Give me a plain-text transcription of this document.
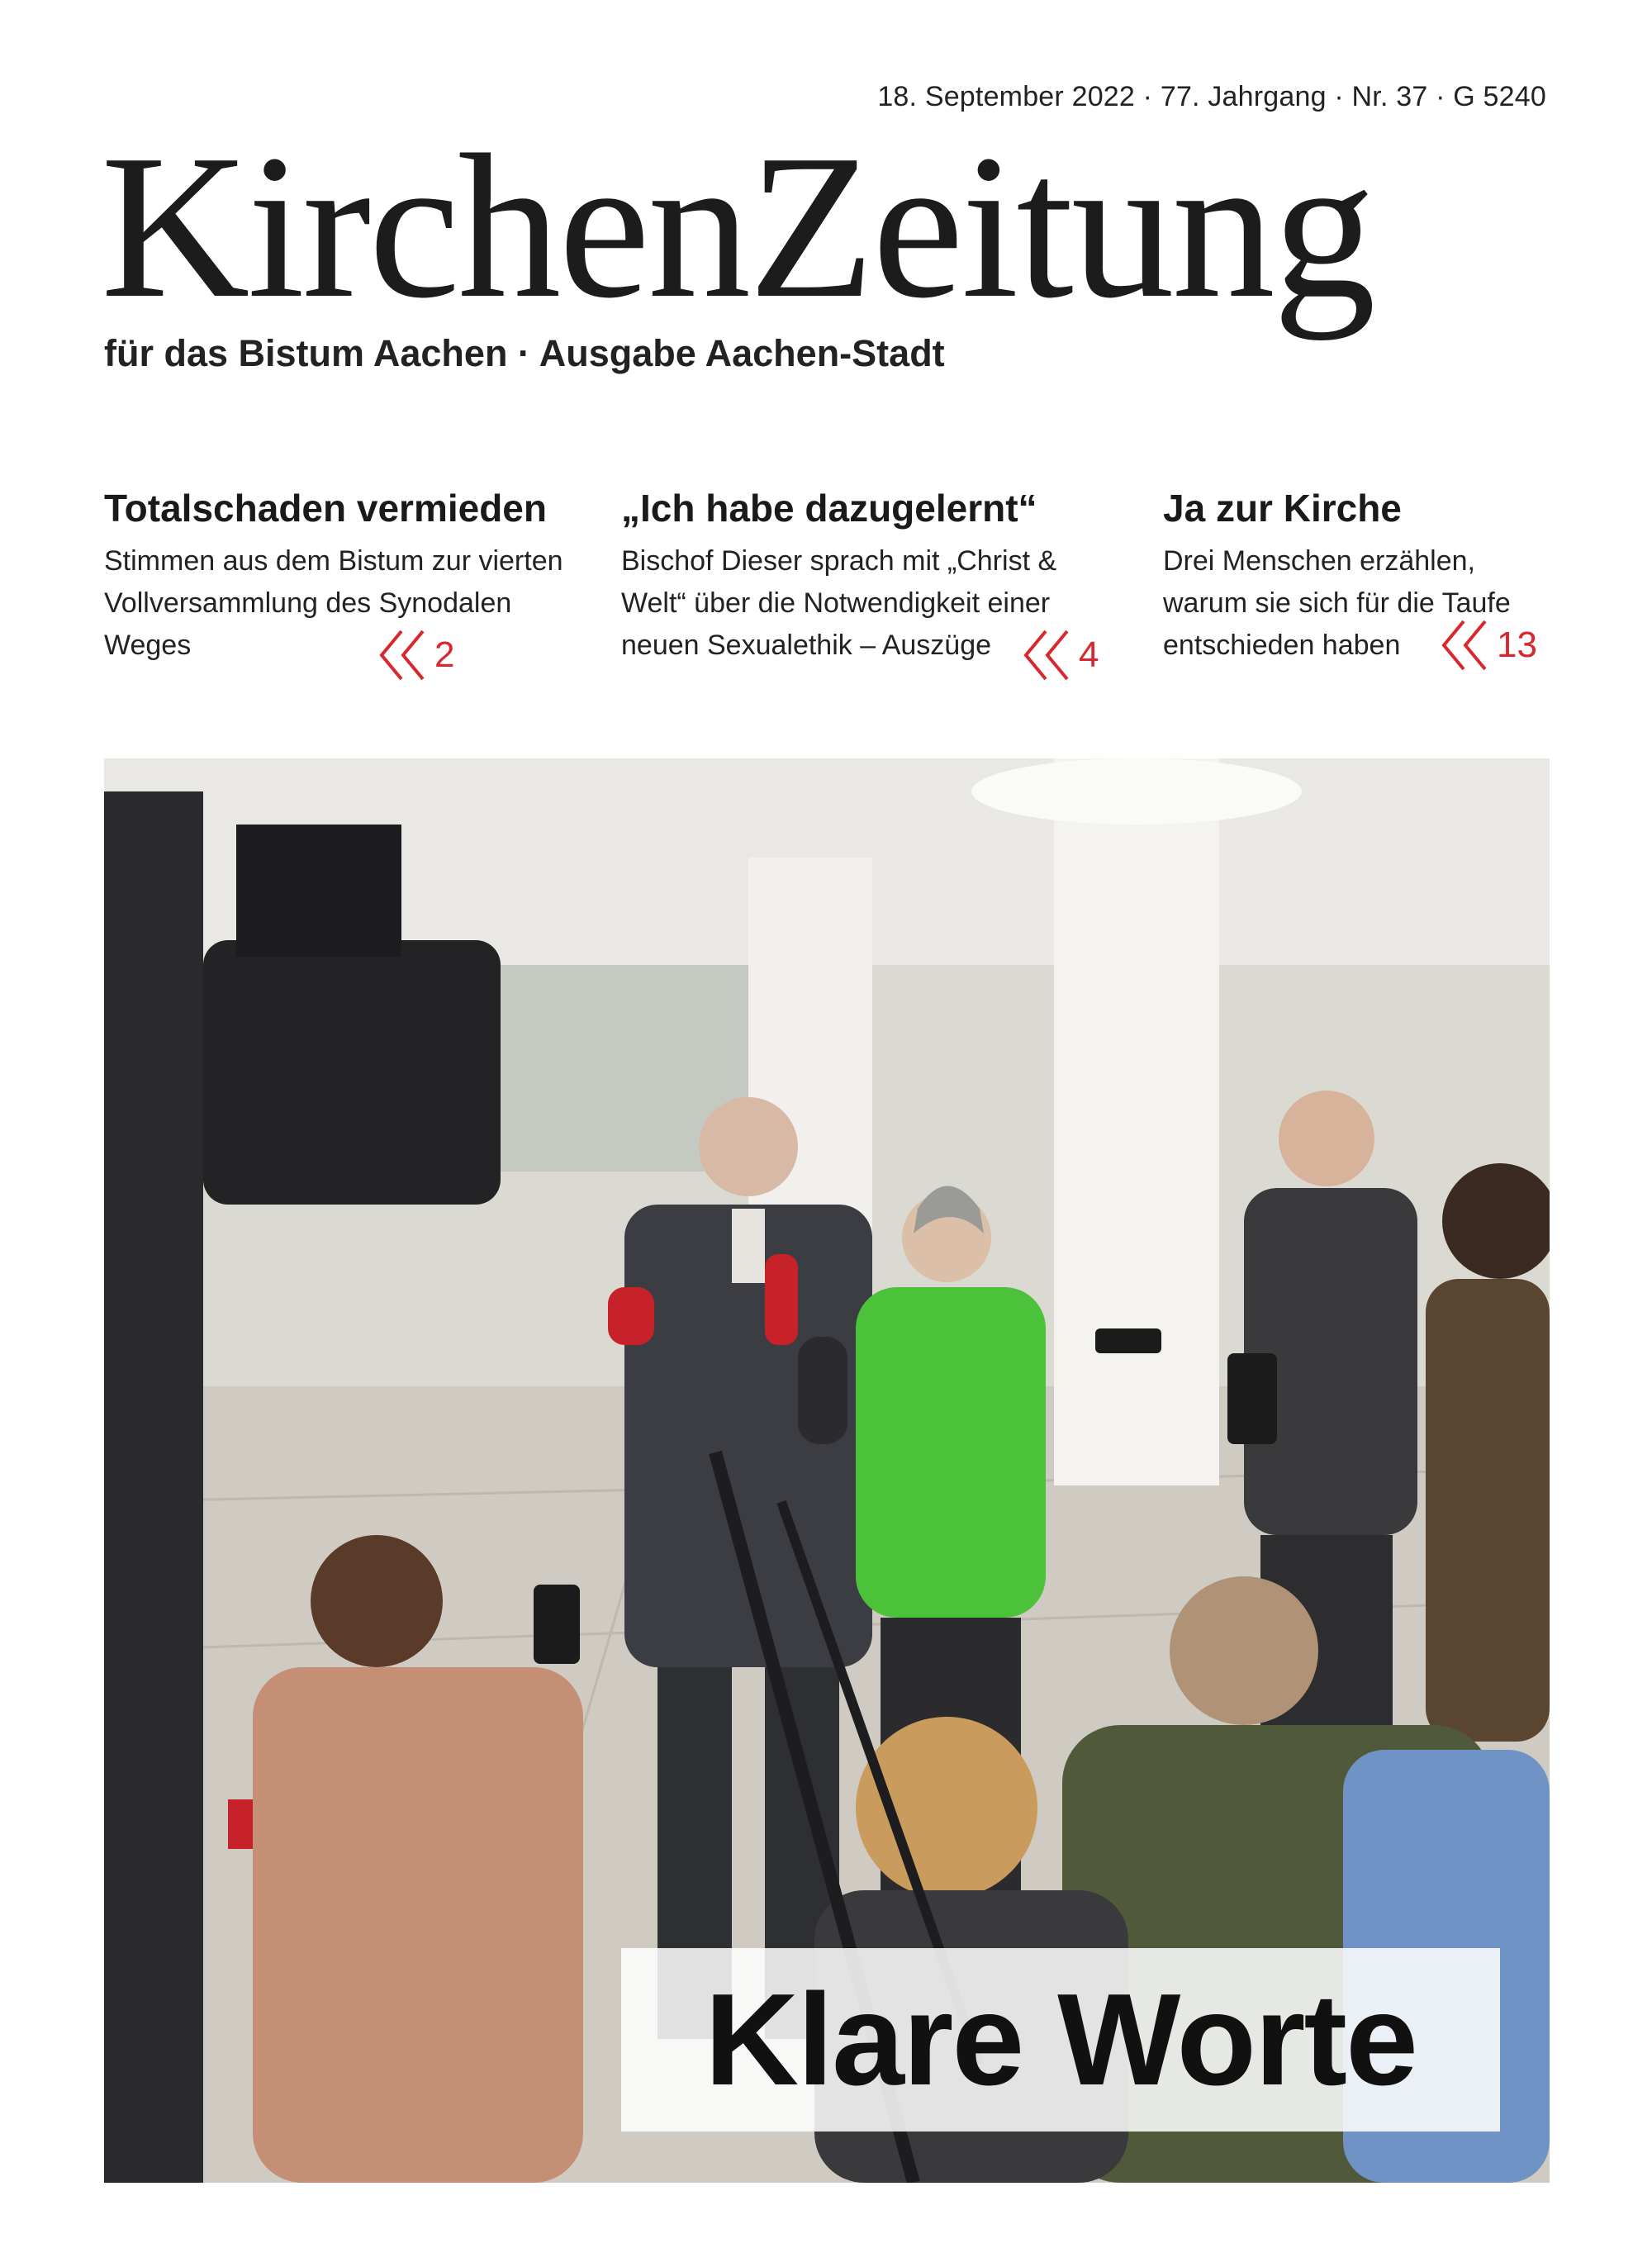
18. September 2022 · 77. Jahrgang · Nr. 37 · G 5240
KirchenZeitung
für das Bistum Aachen · Ausgabe Aachen-Stadt
Totalschaden vermieden
Stimmen aus dem Bistum zur vierten Vollversammlung des Synodalen Weges	2
„Ich habe dazugelernt“
Bischof Dieser sprach mit „Christ & Welt“ über die Notwendigkeit einer neuen Sexualethik – Auszüge	4
Ja zur Kirche
Drei Menschen erzählen, warum sie sich für die Taufe entschieden haben	13
Klare Worte
